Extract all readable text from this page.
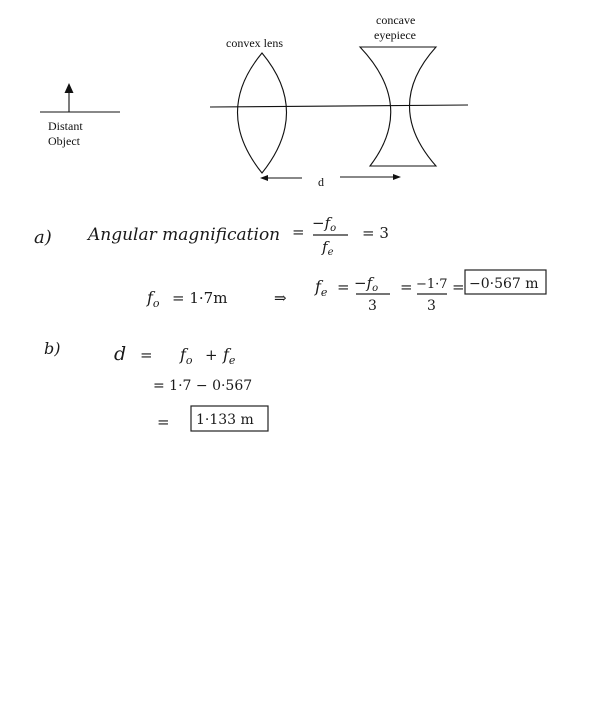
Distant
Object
convex lens
concave
eyepiece
d
a) Angular magnification = $-f_o$
$f_e$
= 3
$f_o = 1\cdot 7m$	⇒
$f_e = -f_o$
3
= −1·7
3
= −0·567 m
b)	$d = f_o + f_e$
= 1·7 − 0·567
= 1·133 m
